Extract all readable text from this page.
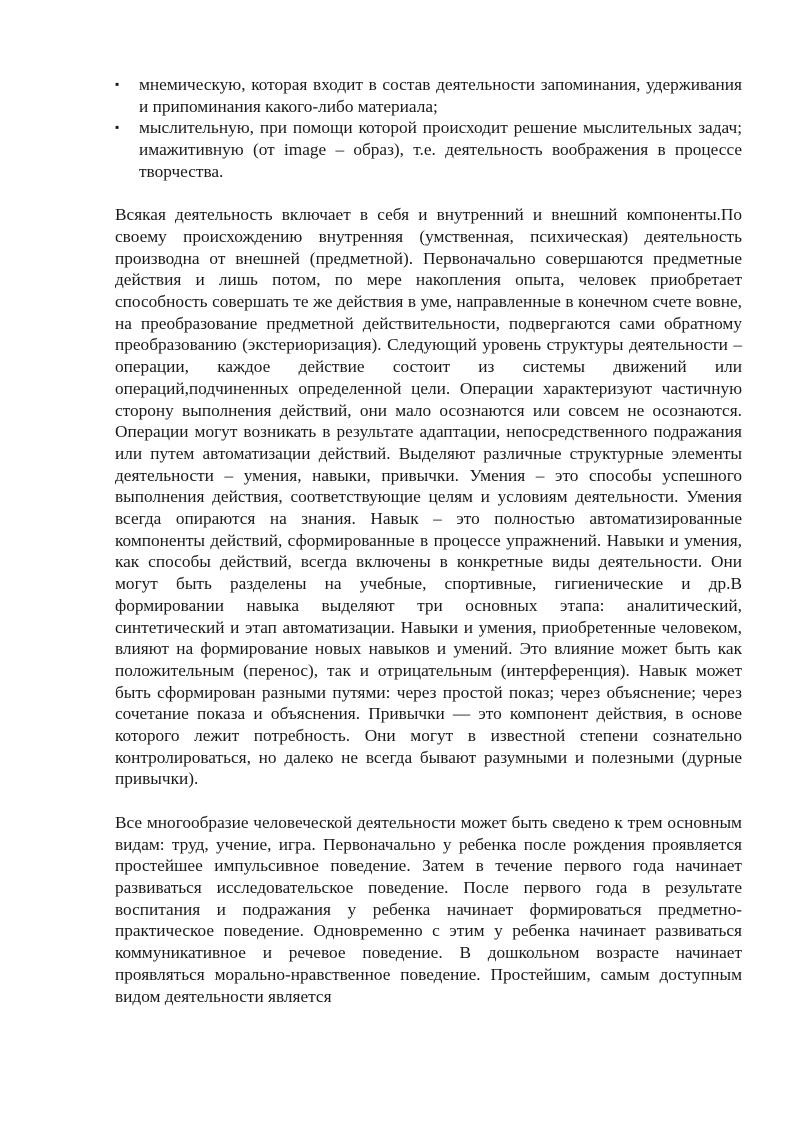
▪	мнемическую, которая входит в состав деятельности запоминания, удерживания и припоминания какого-либо материала;
▪	мыслительную, при помощи которой происходит решение мыслительных задач; имажитивную (от image – образ), т.е. деятельность воображения в процессе творчества.

Всякая деятельность включает в себя и внутренний и внешний компоненты.По своему происхождению внутренняя (умственная, психическая) деятельность производна от внешней (предметной). Первоначально совершаются предметные действия и лишь потом, по мере накопления опыта, человек приобретает способность совершать те же действия в уме, направленные в конечном счете вовне, на преобразование предметной действительности, подвергаются сами обратному преобразованию (экстериоризация). Следующий уровень структуры деятельности – операции, каждое действие состоит из системы движений или операций,подчиненных определенной цели. Операции характеризуют частичную сторону выполнения действий, они мало осознаются или совсем не осознаются. Операции могут возникать в результате адаптации, непосредственного подражания или путем автоматизации действий. Выделяют различные структурные элементы деятельности – умения, навыки, привычки. Умения – это способы успешного выполнения действия, соответствующие целям и условиям деятельности. Умения всегда опираются на знания. Навык – это полностью автоматизированные компоненты действий, сформированные в процессе упражнений. Навыки и умения, как способы действий, всегда включены в конкретные виды деятельности. Они могут быть разделены на учебные, спортивные, гигиенические и др.В формировании навыка выделяют три основных этапа: аналитический, синтетический и этап автоматизации. Навыки и умения, приобретенные человеком, влияют на формирование новых навыков и умений. Это влияние может быть как положительным (перенос), так и отрицательным (интерференция). Навык может быть сформирован разными путями: через простой показ; через объяснение; через сочетание показа и объяснения. Привычки — это компонент действия, в основе которого лежит потребность. Они могут в известной степени сознательно контролироваться, но далеко не всегда бывают разумными и полезными (дурные привычки).

Все многообразие человеческой деятельности может быть сведено к трем основным видам: труд, учение, игра. Первоначально у ребенка после рождения проявляется простейшее импульсивное поведение. Затем в течение первого года начинает развиваться исследовательское поведение. После первого года в результате воспитания и подражания у ребенка начинает формироваться предметно-практическое поведение. Одновременно с этим у ребенка начинает развиваться коммуникативное и речевое поведение. В дошкольном возрасте начинает проявляться морально-нравственное поведение. Простейшим, самым доступным видом деятельности является
